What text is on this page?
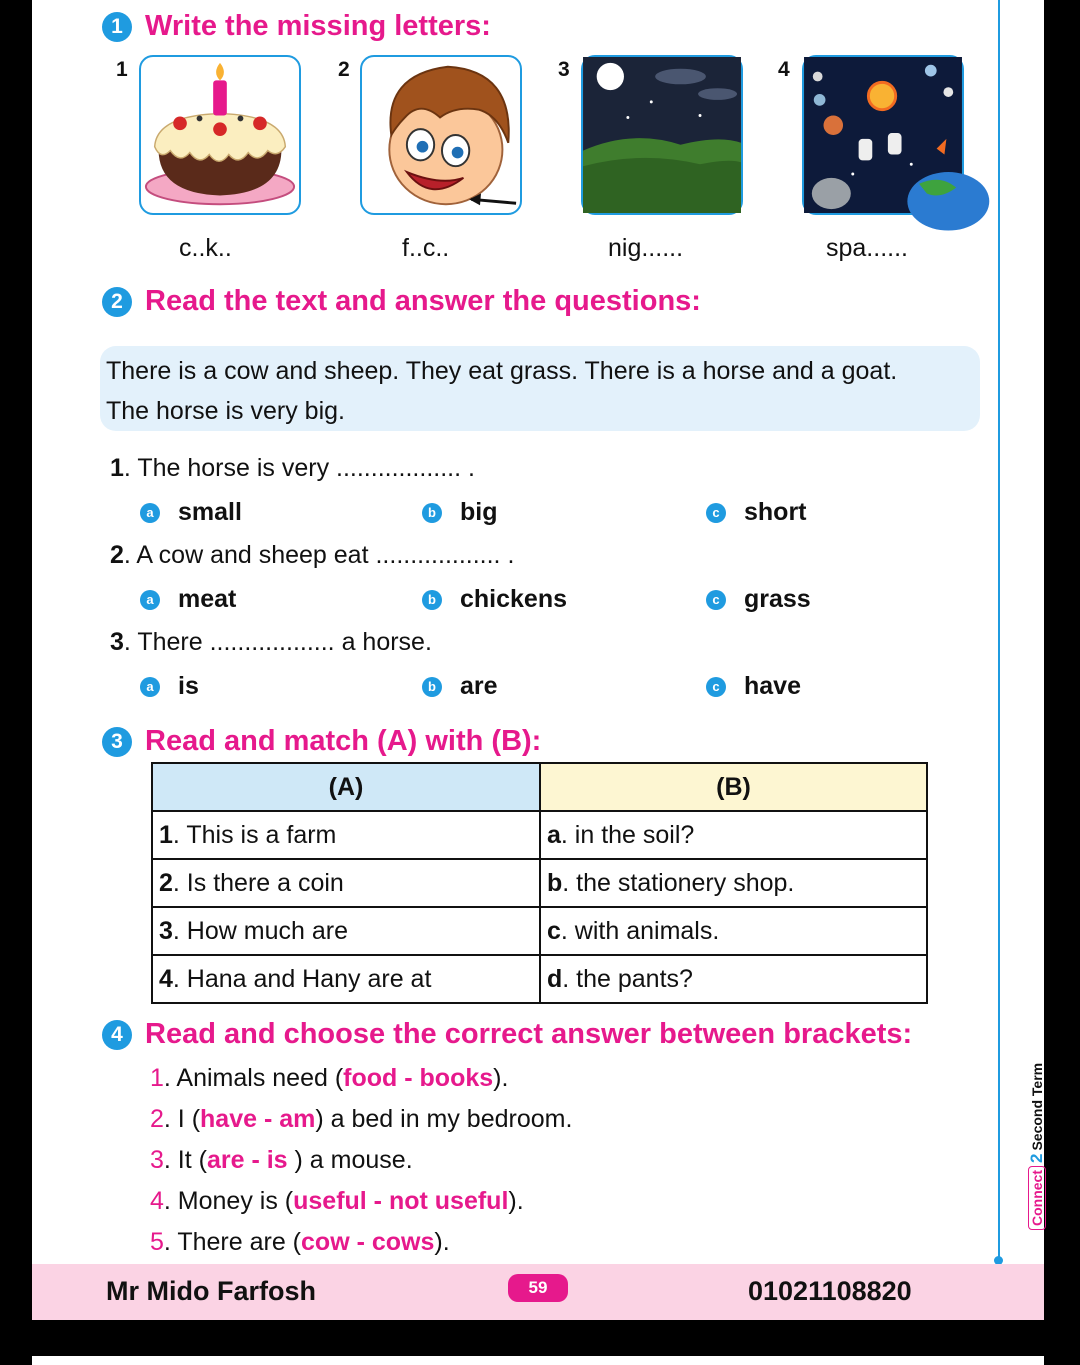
1 Write the missing letters:
1
c..k..
2
f..c..
3
nig......
4
spa......
2 Read the text and answer the questions:
There is a cow and sheep. They eat grass. There is a horse and a goat.
The horse is very big.
1. The horse is very .................. .
a small	b big	c short
2. A cow and sheep eat .................. .
a meat	b chickens	c grass
3. There .................. a horse.
a is	b are	c have
3 Read and match (A) with (B):
(A)	(B)
1. This is a farm	a. in the soil?
2. Is there a coin	b. the stationery shop.
3. How much are	c. with animals.
4. Hana and Hany are at	d. the pants?
4 Read and choose the correct answer between brackets:
1. Animals need (food - books).
2. I (have - am) a bed in my bedroom.
3. It (are - is ) a mouse.
4. Money is (useful - not useful).
5. There are (cow - cows).
Connect2Second Term
Mr Mido Farfosh	59	01021108820
